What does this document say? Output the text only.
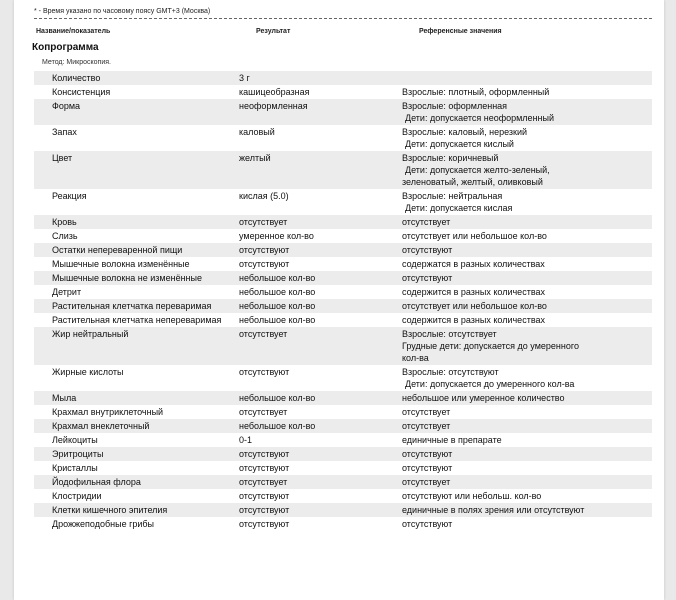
* - Время указано по часовому поясу GMT+3 (Москва)
Название/показатель	Результат	Референсные значения
Копрограмма
Метод: Микроскопия.
Количество	3 г
Консистенция	кашицеобразная	Взрослые: плотный, оформленный
Форма	неоформленная	Взрослые: оформленная
Дети: допускается неоформленный
Запах	каловый	Взрослые: каловый, нерезкий
Дети: допускается кислый
Цвет	желтый	Взрослые: коричневый
Дети: допускается желто-зеленый,
зеленоватый, желтый, оливковый
Реакция	кислая (5.0)	Взрослые: нейтральная
Дети: допускается кислая
Кровь	отсутствует	отсутствует
Слизь	умеренное кол-во	отсутствует или небольшое кол-во
Остатки непереваренной пищи	отсутствуют	отсутствуют
Мышечные волокна изменённые	отсутствуют	содержатся в разных количествах
Мышечные волокна не изменённые	небольшое кол-во	отсутствуют
Детрит	небольшое кол-во	содержится в разных количествах
Растительная клетчатка переваримая	небольшое кол-во	отсутствует или небольшое кол-во
Растительная клетчатка непереваримая	небольшое кол-во	содержится в разных количествах
Жир нейтральный	отсутствует	Взрослые: отсутствует
Грудные дети: допускается до умеренного
кол-ва
Жирные кислоты	отсутствуют	Взрослые: отсутствуют
Дети: допускается до умеренного кол-ва
Мыла	небольшое кол-во	небольшое или умеренное количество
Крахмал внутриклеточный	отсутствует	отсутствует
Крахмал внеклеточный	небольшое кол-во	отсутствует
Лейкоциты	0-1	единичные в препарате
Эритроциты	отсутствуют	отсутствуют
Кристаллы	отсутствуют	отсутствуют
Йодофильная флора	отсутствует	отсутствует
Клостридии	отсутствуют	отсутствуют или небольш. кол-во
Клетки кишечного эпителия	отсутствуют	единичные в полях зрения или отсутствуют
Дрожжеподобные грибы	отсутствуют	отсутствуют
